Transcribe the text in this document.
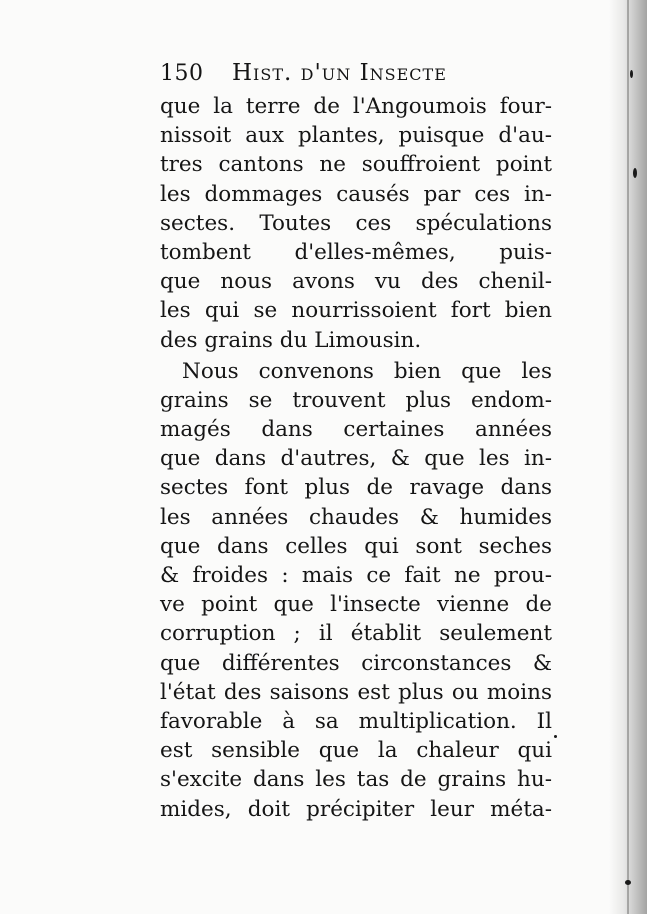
150	Hist. d'un Insecte
que la terre de l'Angoumois four-
nissoit aux plantes, puisque d'au-
tres cantons ne souffroient point
les dommages causés par ces in-
sectes. Toutes ces spéculations
tombent d'elles-mêmes, puis-
que nous avons vu des chenil-
les qui se nourrissoient fort bien
des grains du Limousin.
Nous convenons bien que les
grains se trouvent plus endom-
magés dans certaines années
que dans d'autres, & que les in-
sectes font plus de ravage dans
les années chaudes & humides
que dans celles qui sont seches
& froides : mais ce fait ne prou-
ve point que l'insecte vienne de
corruption ; il établit seulement
que différentes circonstances &
l'état des saisons est plus ou moins
favorable à sa multiplication. Il
est sensible que la chaleur qui
s'excite dans les tas de grains hu-
mides, doit précipiter leur méta-
